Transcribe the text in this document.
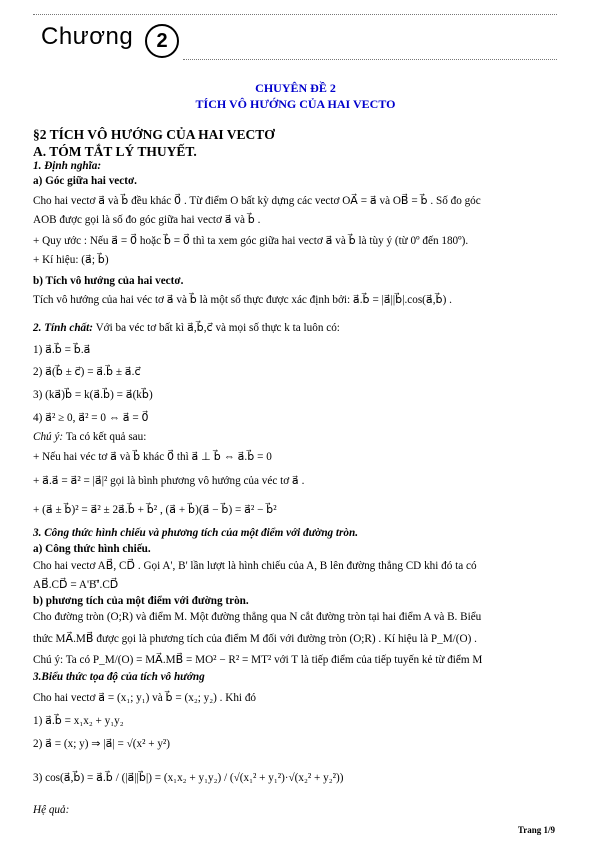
Chương	2
CHUYÊN ĐỀ 2
TÍCH VÔ HƯỚNG CỦA HAI VECTO
§2 TÍCH VÔ HƯỚNG CỦA HAI VECTƠ
A. TÓM TẮT LÝ THUYẾT.
1. Định nghĩa:
a) Góc giữa hai vectơ.
Cho hai vectơ a⃗ và b⃗ đều khác 0⃗ . Từ điểm O bất kỳ dựng các vectơ OA⃗ = a⃗ và OB⃗ = b⃗ . Số đo góc
AOB được gọi là số đo góc giữa hai vectơ a⃗ và b⃗ .
+ Quy ước : Nếu a⃗ = 0⃗ hoặc b⃗ = 0⃗ thì ta xem góc giữa hai vectơ a⃗ và b⃗ là tùy ý (từ 0º đến 180º).
+ Kí hiệu: (a⃗; b⃗)
b) Tích vô hướng của hai vectơ.
Tích vô hướng của hai véc tơ a⃗ và b⃗ là một số thực được xác định bởi: a⃗.b⃗ = |a⃗||b⃗|.cos(a⃗,b⃗) .
2. Tính chất: Với ba véc tơ bất kì a⃗,b⃗,c⃗ và mọi số thực k ta luôn có:
1) a⃗.b⃗ = b⃗.a⃗
2) a⃗(b⃗ ± c⃗) = a⃗.b⃗ ± a⃗.c⃗
3) (ka⃗)b⃗ = k(a⃗.b⃗) = a⃗(kb⃗)
4) a⃗² ≥ 0, a⃗² = 0 ⇔ a⃗ = 0⃗
Chú ý: Ta có kết quả sau:
+ Nếu hai véc tơ a⃗ và b⃗ khác 0⃗ thì a⃗ ⊥ b⃗ ⇔ a⃗.b⃗ = 0
+ a⃗.a⃗ = a⃗² = |a⃗|² gọi là bình phương vô hướng của véc tơ a⃗ .
+ (a⃗ ± b⃗)² = a⃗² ± 2a⃗.b⃗ + b⃗² , (a⃗ + b⃗)(a⃗ − b⃗) = a⃗² − b⃗²
3. Công thức hình chiếu và phương tích của một điểm với đường tròn.
a) Công thức hình chiếu.
Cho hai vectơ AB⃗, CD⃗ . Gọi A', B' lần lượt là hình chiếu của A, B lên đường thẳng CD khi đó ta có
AB⃗.CD⃗ = A'B'⃗.CD⃗
b) phương tích của một điểm với đường tròn.
Cho đường tròn (O;R) và điểm M. Một đường thẳng qua N cắt đường tròn tại hai điểm A và B. Biểu
thức MA⃗.MB⃗ được gọi là phương tích của điểm M đối với đường tròn (O;R) . Kí hiệu là P_M/(O) .
Chú ý: Ta có P_M/(O) = MA⃗.MB⃗ = MO² − R² = MT² với T là tiếp điểm của tiếp tuyến kẻ từ điểm M
3.Biểu thức tọa độ của tích vô hướng
Cho hai vectơ a⃗ = (x₁; y₁) và b⃗ = (x₂; y₂) . Khi đó
1) a⃗.b⃗ = x₁x₂ + y₁y₂
2) a⃗ = (x; y) ⇒ |a⃗| = √(x² + y²)
3) cos(a⃗,b⃗) = a⃗.b⃗ / (|a⃗||b⃗|) = (x₁x₂ + y₁y₂) / (√(x₁² + y₁²)·√(x₂² + y₂²))
Hệ quả:
Trang 1/9
